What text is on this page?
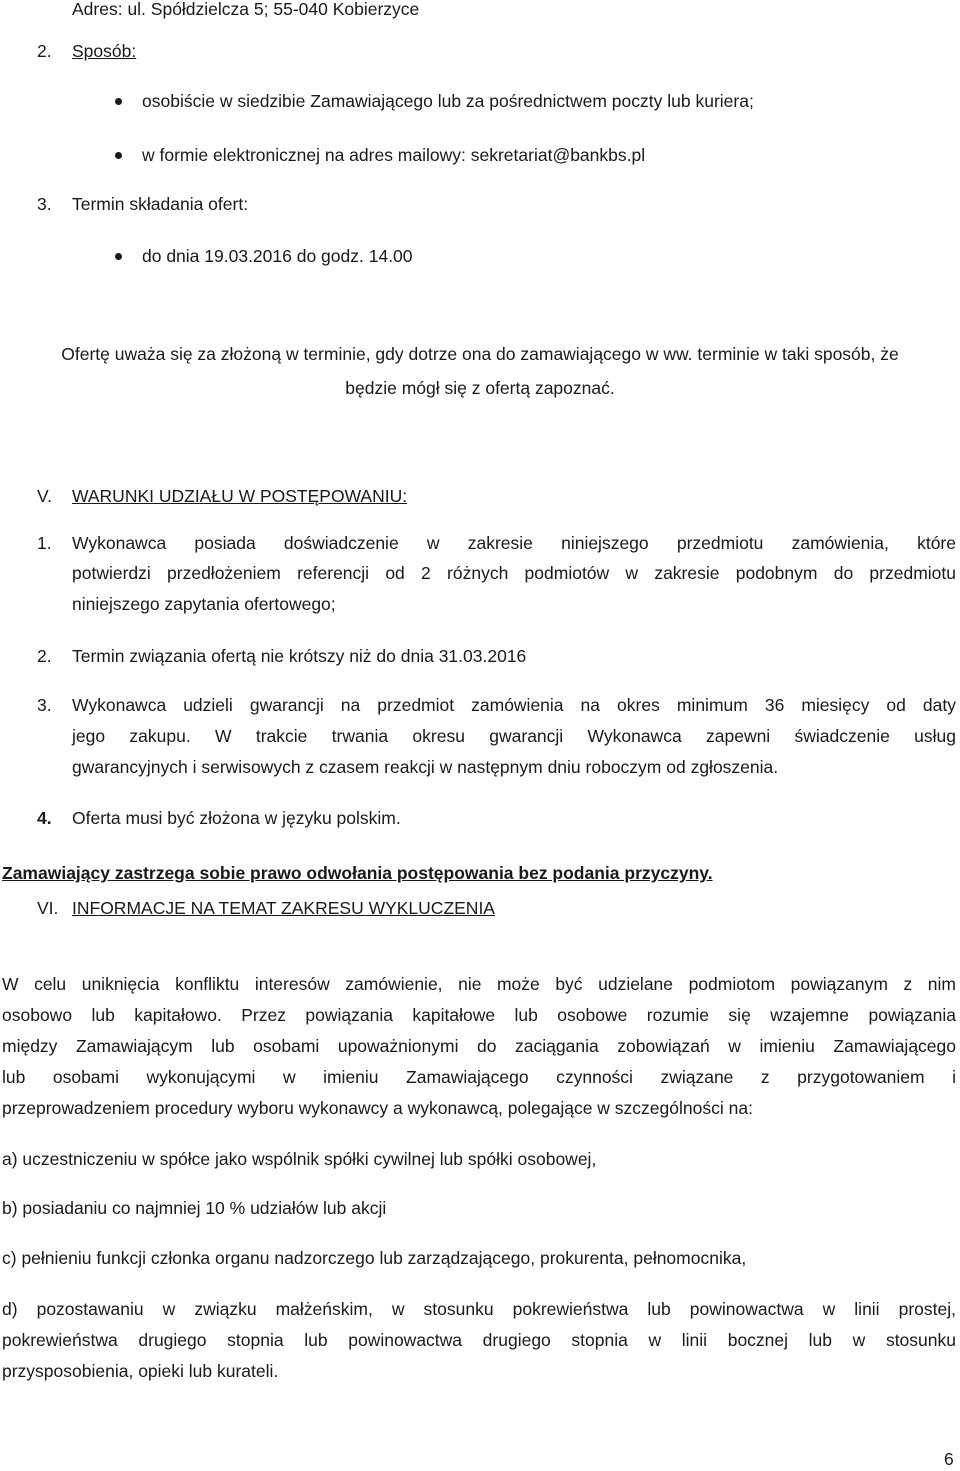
Adres: ul. Spółdzielcza 5; 55-040 Kobierzyce
2. Sposób:
osobiście w siedzibie Zamawiającego lub za pośrednictwem poczty lub kuriera;
w formie elektronicznej na adres mailowy: sekretariat@bankbs.pl
3. Termin składania ofert:
do dnia 19.03.2016 do godz. 14.00
Ofertę uważa się za złożoną w terminie, gdy dotrze ona do zamawiającego w ww. terminie w taki sposób, że
będzie mógł się z ofertą zapoznać.
V. WARUNKI UDZIAŁU W POSTĘPOWANIU:
1. Wykonawca posiada doświadczenie w zakresie niniejszego przedmiotu zamówienia, które
potwierdzi przedłożeniem referencji od 2 różnych podmiotów w zakresie podobnym do przedmiotu
niniejszego zapytania ofertowego;
2. Termin związania ofertą nie krótszy niż do dnia 31.03.2016
3. Wykonawca udzieli gwarancji na przedmiot zamówienia na okres minimum 36 miesięcy od daty
jego zakupu. W trakcie trwania okresu gwarancji Wykonawca zapewni świadczenie usług
gwarancyjnych i serwisowych z czasem reakcji w następnym dniu roboczym od zgłoszenia.
4. Oferta musi być złożona w języku polskim.
Zamawiający zastrzega sobie prawo odwołania postępowania bez podania przyczyny.
VI. INFORMACJE NA TEMAT ZAKRESU WYKLUCZENIA
W celu uniknięcia konfliktu interesów zamówienie, nie może być udzielane podmiotom powiązanym z nim
osobowo lub kapitałowo. Przez powiązania kapitałowe lub osobowe rozumie się wzajemne powiązania
między Zamawiającym lub osobami upoważnionymi do zaciągania zobowiązań w imieniu Zamawiającego
lub osobami wykonującymi w imieniu Zamawiającego czynności związane z przygotowaniem i
przeprowadzeniem procedury wyboru wykonawcy a wykonawcą, polegające w szczególności na:
a) uczestniczeniu w spółce jako wspólnik spółki cywilnej lub spółki osobowej,
b) posiadaniu co najmniej 10 % udziałów lub akcji
c) pełnieniu funkcji członka organu nadzorczego lub zarządzającego, prokurenta, pełnomocnika,
d) pozostawaniu w związku małżeńskim, w stosunku pokrewieństwa lub powinowactwa w linii prostej,
pokrewieństwa drugiego stopnia lub powinowactwa drugiego stopnia w linii bocznej lub w stosunku
przysposobienia, opieki lub kurateli.
6
